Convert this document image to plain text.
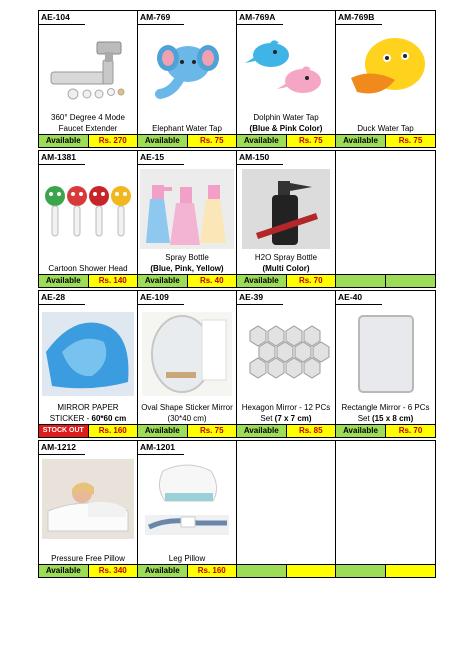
AE-104
360° Degree 4 Mode Faucet Extender
Available	Rs. 270
AM-769
Elephant Water Tap
Available	Rs. 75
AM-769A
Dolphin Water Tap
(Blue & Pink Color)
Available	Rs. 75
AM-769B
Duck Water Tap
Available	Rs. 75
AM-1381
Cartoon Shower Head
Available	Rs. 140
AE-15
Spray Bottle
(Blue, Pink, Yellow)
Available	Rs. 40
AM-150
H2O Spray Bottle
(Multi Color)
Available	Rs. 70
AE-28
MIRROR PAPER STICKER - 60*60 cm
STOCK OUT	Rs. 160
AE-109
Oval Shape Sticker Mirror (30*40 cm)
Available	Rs. 75
AE-39
Hexagon Mirror - 12 PCs Set (7 x 7 cm)
Available	Rs. 85
AE-40
Rectangle Mirror - 6 PCs Set (15 x 8 cm)
Available	Rs. 70
AM-1212
Pressure Free Pillow
Available	Rs. 340
AM-1201
Leg Pillow
Available	Rs. 160
